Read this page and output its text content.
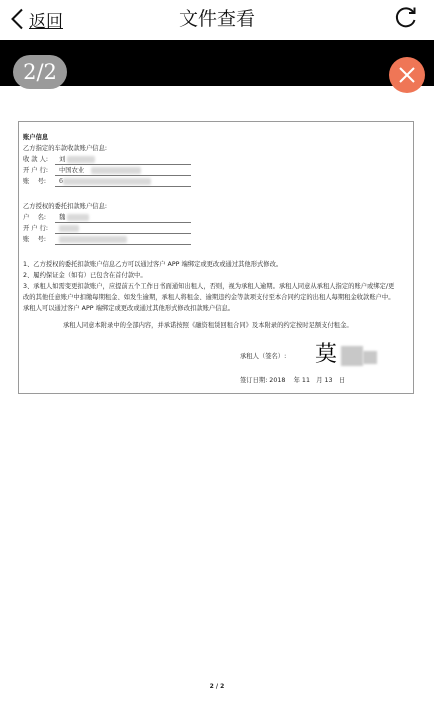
返回	文件查看
2/2
账户信息
乙方指定的车款收款账户信息:
收 款 人: 刘
开 户 行: 中国农业
账　 号: 6
乙方授权的委托扣款账户信息:
户　 名: 魏
开 户 行:
账　 号:
1、乙方授权的委托扣款账户信息乙方可以通过客户 APP 端绑定或更改或通过其他形式修改。
2、履约保证金（如有）已包含在首付款中。
3、承租人如需变更扣款账户，应提前五个工作日书面通知出租人，否则，视为承租人逾期。承租人同意从承租人指定的账户或绑定/更
改的其他任意账户中扣缴每期租金、如发生逾期，承租人将租金、逾期违约金等款项支付至本合同约定的出租人每期租金收款账户中。
承租人可以通过客户 APP 端绑定或更改或通过其他形式修改扣款账户信息。
承租人同意本附录中的全部内容，并承诺按照《融资租赁回租合同》及本附录的约定按时足额支付租金。
承租人（签名）: 莫
签订日期: 2018　 年 11　月 13　日
2 / 2
